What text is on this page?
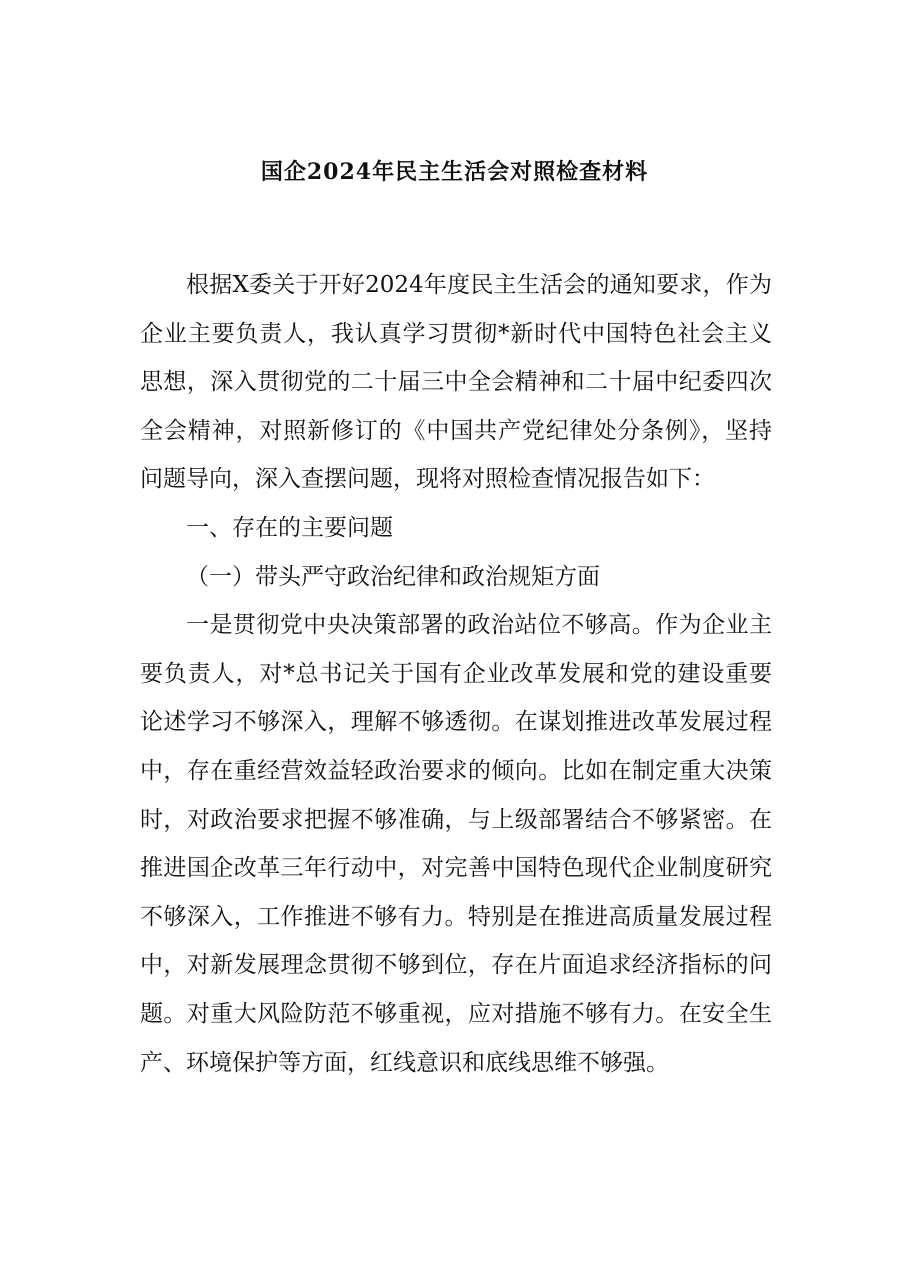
国企2024年民主生活会对照检查材料

根据X委关于开好2024年度民主生活会的通知要求，作为企业主要负责人，我认真学习贯彻*新时代中国特色社会主义思想，深入贯彻党的二十届三中全会精神和二十届中纪委四次全会精神，对照新修订的《中国共产党纪律处分条例》，坚持问题导向，深入查摆问题，现将对照检查情况报告如下：

一、存在的主要问题

（一）带头严守政治纪律和政治规矩方面

一是贯彻党中央决策部署的政治站位不够高。作为企业主要负责人，对*总书记关于国有企业改革发展和党的建设重要论述学习不够深入，理解不够透彻。在谋划推进改革发展过程中，存在重经营效益轻政治要求的倾向。比如在制定重大决策时，对政治要求把握不够准确，与上级部署结合不够紧密。在推进国企改革三年行动中，对完善中国特色现代企业制度研究不够深入，工作推进不够有力。特别是在推进高质量发展过程中，对新发展理念贯彻不够到位，存在片面追求经济指标的问题。对重大风险防范不够重视，应对措施不够有力。在安全生产、环境保护等方面，红线意识和底线思维不够强。
